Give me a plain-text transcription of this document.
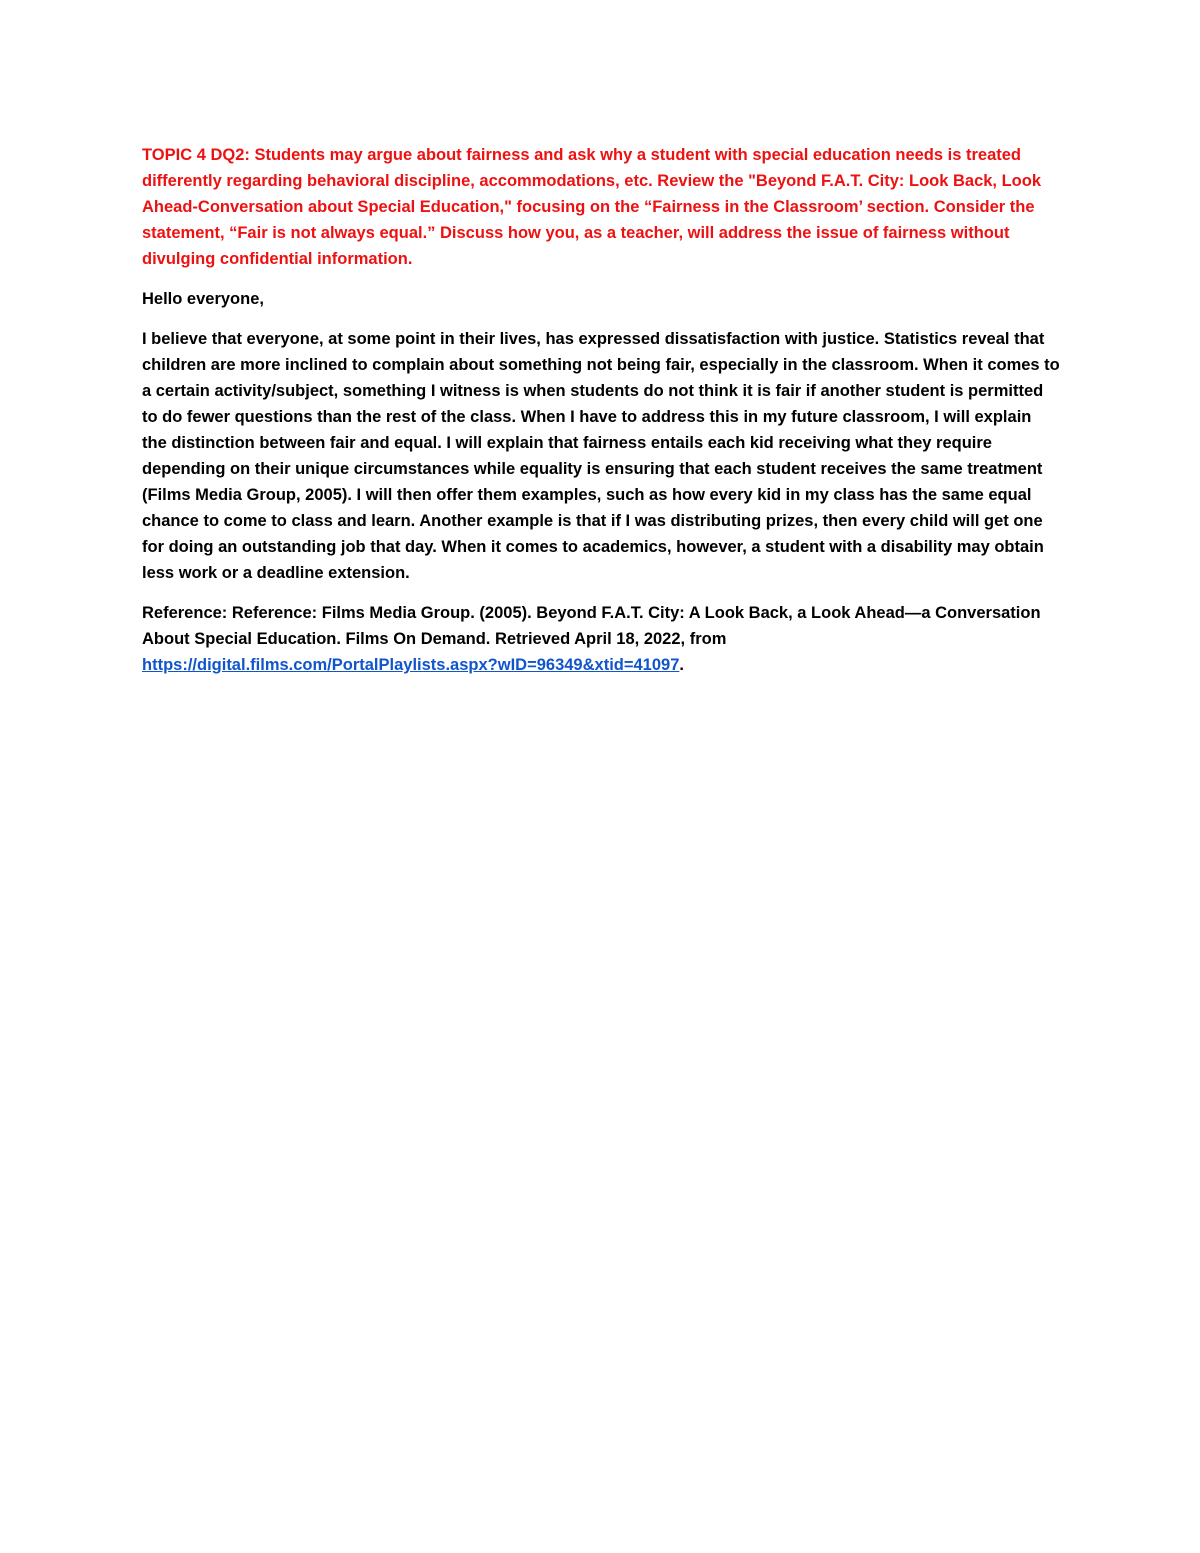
TOPIC 4 DQ2: Students may argue about fairness and ask why a student with special education needs is treated differently regarding behavioral discipline, accommodations, etc. Review the "Beyond F.A.T. City: Look Back, Look Ahead-Conversation about Special Education," focusing on the “Fairness in the Classroom’ section. Consider the statement, “Fair is not always equal.” Discuss how you, as a teacher, will address the issue of fairness without divulging confidential information.

Hello everyone,

I believe that everyone, at some point in their lives, has expressed dissatisfaction with justice. Statistics reveal that children are more inclined to complain about something not being fair, especially in the classroom. When it comes to a certain activity/subject, something I witness is when students do not think it is fair if another student is permitted to do fewer questions than the rest of the class. When I have to address this in my future classroom, I will explain the distinction between fair and equal. I will explain that fairness entails each kid receiving what they require depending on their unique circumstances while equality is ensuring that each student receives the same treatment (Films Media Group, 2005). I will then offer them examples, such as how every kid in my class has the same equal chance to come to class and learn. Another example is that if I was distributing prizes, then every child will get one for doing an outstanding job that day. When it comes to academics, however, a student with a disability may obtain less work or a deadline extension.

Reference: Reference: Films Media Group. (2005). Beyond F.A.T. City: A Look Back, a Look Ahead—a Conversation About Special Education. Films On Demand. Retrieved April 18, 2022, from https://digital.films.com/PortalPlaylists.aspx?wID=96349&xtid=41097.
